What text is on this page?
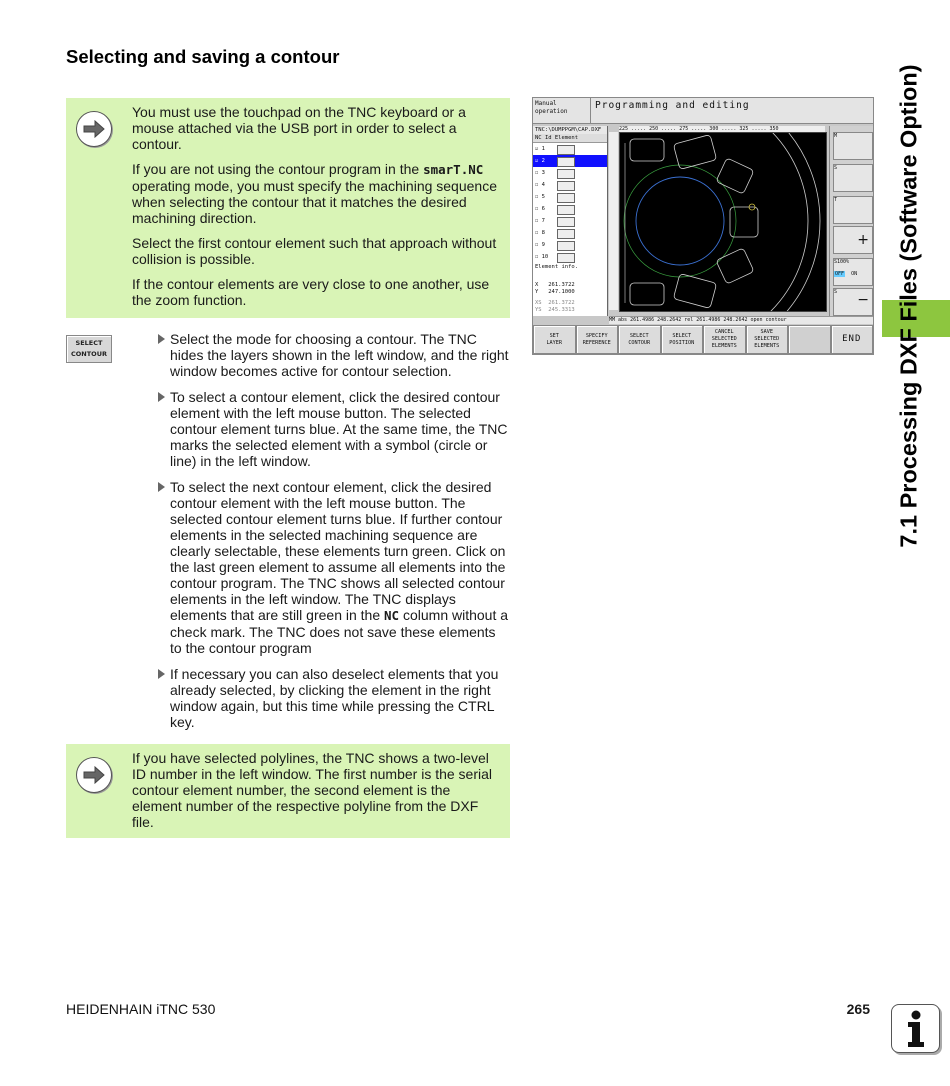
Selecting and saving a contour

You must use the touchpad on the TNC keyboard or a mouse attached via the USB port in order to select a contour.

If you are not using the contour program in the smarT.NC operating mode, you must specify the machining sequence when selecting the contour that it matches the desired machining direction.

Select the first contour element such that approach without collision is possible.

If the contour elements are very close to one another, use the zoom function.

SELECT
CONTOUR
Select the mode for choosing a contour. The TNC hides the layers shown in the left window, and the right window becomes active for contour selection.
To select a contour element, click the desired contour element with the left mouse button. The selected contour element turns blue. At the same time, the TNC marks the selected element with a symbol (circle or line) in the left window.
To select the next contour element, click the desired contour element with the left mouse button. The selected contour element turns blue. If further contour elements in the selected machining sequence are clearly selectable, these elements turn green. Click on the last green element to assume all elements into the contour program. The TNC shows all selected contour elements in the left window. The TNC displays elements that are still green in the NC column without a check mark. The TNC does not save these elements to the contour program
If necessary you can also deselect elements that you already selected, by clicking the element in the right window again, but this time while pressing the CTRL key.

If you have selected polylines, the TNC shows a two-level ID number in the left window. The first number is the serial contour element number, the second element is the element number of the respective polyline from the DXF file.

Manual
operation
Programming and editing
TNC:\DUMPPGM\CAP.DXF
NC Id Element
☑ 1
☑ 2
☐ 3
☐ 4
☐ 5
☐ 6
☐ 7
☐ 8
☐ 9
☐ 10
Element info.
X 261.3722
Y 247.1000
XS 261.3722
YS 245.3313
225 ..... 250 ..... 275 ..... 300 ..... 325 ..... 350
MM abs 261.4986 248.2642 rel 261.4986 248.2642 open contour
M
S
T
+
S100%
OFF ON
S −
SET
LAYER
SPECIFY
REFERENCE
SELECT
CONTOUR
SELECT
POSITION
CANCEL
SELECTED
ELEMENTS
SAVE
SELECTED
ELEMENTS
END	7.1 Processing DXF Files (Software Option)
HEIDENHAIN iTNC 530	265
